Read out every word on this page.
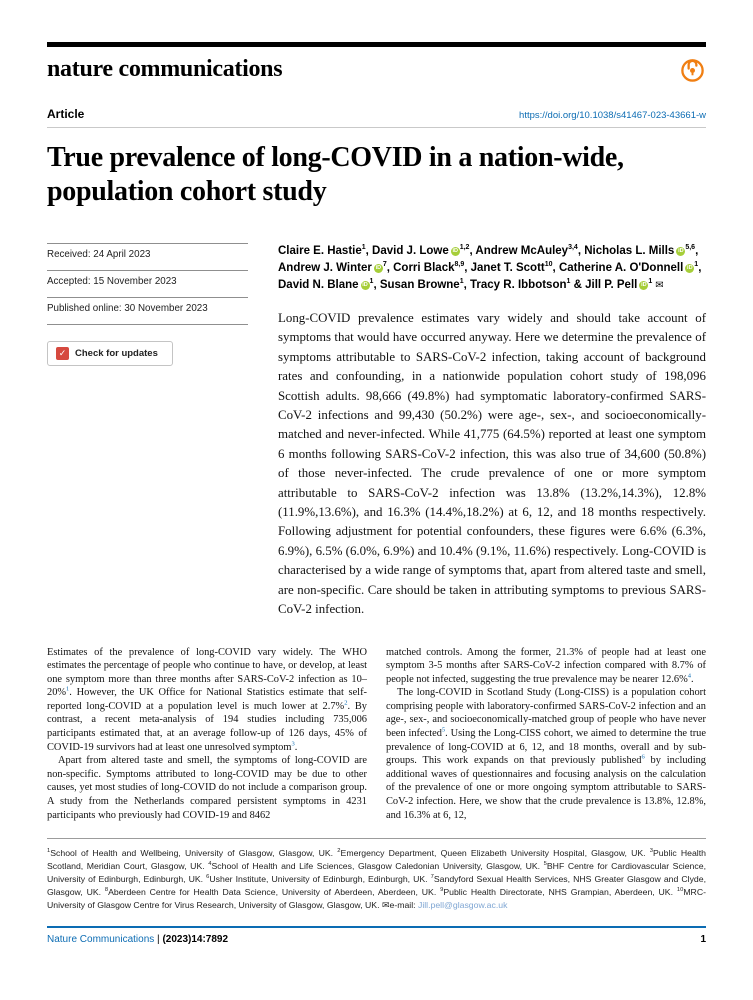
nature communications
Article	https://doi.org/10.1038/s41467-023-43661-w
True prevalence of long-COVID in a nation-wide, population cohort study
Received: 24 April 2023
Accepted: 15 November 2023
Published online: 30 November 2023
✓ Check for updates
Claire E. Hastie$^1$, David J. Lowe iD $^{1,2}$, Andrew McAuley$^{3,4}$, Nicholas L. Mills iD $^{5,6}$, Andrew J. Winter iD $^7$, Corri Black$^{8,9}$, Janet T. Scott$^{10}$, Catherine A. O'Donnell iD $^1$, David N. Blane iD $^1$, Susan Browne$^1$, Tracy R. Ibbotson$^1$ & Jill P. Pell iD $^1$ ✉
Long-COVID prevalence estimates vary widely and should take account of symptoms that would have occurred anyway. Here we determine the prevalence of symptoms attributable to SARS-CoV-2 infection, taking account of background rates and confounding, in a nationwide population cohort study of 198,096 Scottish adults. 98,666 (49.8%) had symptomatic laboratory-confirmed SARS-CoV-2 infections and 99,430 (50.2%) were age-, sex-, and socioeconomically-matched and never-infected. While 41,775 (64.5%) reported at least one symptom 6 months following SARS-CoV-2 infection, this was also true of 34,600 (50.8%) of those never-infected. The crude prevalence of one or more symptom attributable to SARS-CoV-2 infection was 13.8% (13.2%,14.3%), 12.8% (11.9%,13.6%), and 16.3% (14.4%,18.2%) at 6, 12, and 18 months respectively. Following adjustment for potential confounders, these figures were 6.6% (6.3%, 6.9%), 6.5% (6.0%, 6.9%) and 10.4% (9.1%, 11.6%) respectively. Long-COVID is characterised by a wide range of symptoms that, apart from altered taste and smell, are non-specific. Care should be taken in attributing symptoms to previous SARS-CoV-2 infection.

Estimates of the prevalence of long-COVID vary widely. The WHO estimates the percentage of people who continue to have, or develop, at least one symptom more than three months after SARS-CoV-2 infection as 10–20%$^1$. However, the UK Office for National Statistics estimate that self-reported long-COVID at a population level is much lower at 2.7%$^2$. By contrast, a recent meta-analysis of 194 studies including 735,006 participants estimated that, at an average follow-up of 126 days, 45% of COVID-19 survivors had at least one unresolved symptom$^3$.

Apart from altered taste and smell, the symptoms of long-COVID are non-specific. Symptoms attributed to long-COVID may be due to other causes, yet most studies of long-COVID do not include a comparison group. A study from the Netherlands compared persistent symptoms in 4231 participants who previously had COVID-19 and 8462

matched controls. Among the former, 21.3% of people had at least one symptom 3-5 months after SARS-CoV-2 infection compared with 8.7% of people not infected, suggesting the true prevalence may be nearer 12.6%$^4$.

The long-COVID in Scotland Study (Long-CISS) is a population cohort comprising people with laboratory-confirmed SARS-CoV-2 infection and an age-, sex-, and socioeconomically-matched group of people who have never been infected$^5$. Using the Long-CISS cohort, we aimed to determine the true prevalence of long-COVID at 6, 12, and 18 months, overall and by sub-groups. This work expands on that previously published$^6$ by including additional waves of questionnaires and focusing analysis on the calculation of the prevalence of one or more ongoing symptom attributable to SARS-CoV-2 infection. Here, we show that the crude prevalence is 13.8%, 12.8%, and 16.3% at 6, 12,

$^1$School of Health and Wellbeing, University of Glasgow, Glasgow, UK. $^2$Emergency Department, Queen Elizabeth University Hospital, Glasgow, UK. $^3$Public Health Scotland, Meridian Court, Glasgow, UK. $^4$School of Health and Life Sciences, Glasgow Caledonian University, Glasgow, UK. $^5$BHF Centre for Cardiovascular Science, University of Edinburgh, Edinburgh, UK. $^6$Usher Institute, University of Edinburgh, Edinburgh, UK. $^7$Sandyford Sexual Health Services, NHS Greater Glasgow and Clyde, Glasgow, UK. $^8$Aberdeen Centre for Health Data Science, University of Aberdeen, Aberdeen, UK. $^9$Public Health Directorate, NHS Grampian, Aberdeen, UK. $^{10}$MRC-University of Glasgow Centre for Virus Research, University of Glasgow, Glasgow, UK. ✉e-mail: Jill.pell@glasgow.ac.uk
Nature Communications | (2023)14:7892	1
